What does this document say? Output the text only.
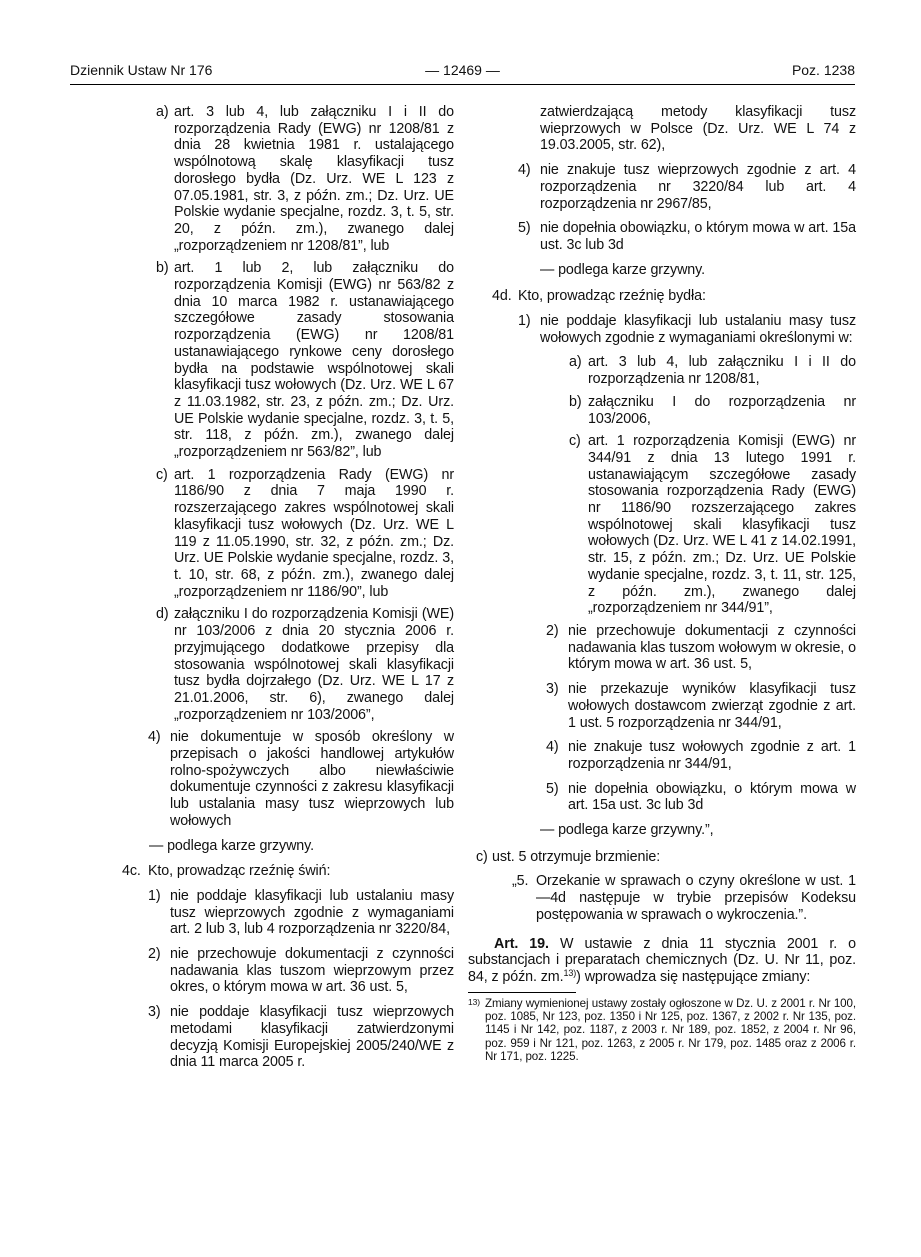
Dziennik Ustaw Nr 176	— 12469 —	Poz. 1238
a) art. 3 lub 4, lub załączniku I i II do rozporządzenia Rady (EWG) nr 1208/81 z dnia 28 kwietnia 1981 r. ustalającego wspólnotową skalę klasyfikacji tusz dorosłego bydła (Dz. Urz. WE L 123 z 07.05.1981, str. 3, z późn. zm.; Dz. Urz. UE Polskie wydanie specjalne, rozdz. 3, t. 5, str. 20, z późn. zm.), zwanego dalej „rozporządzeniem nr 1208/81”, lub
b) art. 1 lub 2, lub załączniku do rozporządzenia Komisji (EWG) nr 563/82 z dnia 10 marca 1982 r. ustanawiającego szczegółowe zasady stosowania rozporządzenia (EWG) nr 1208/81 ustanawiającego rynkowe ceny dorosłego bydła na podstawie wspólnotowej skali klasyfikacji tusz wołowych (Dz. Urz. WE L 67 z 11.03.1982, str. 23, z późn. zm.; Dz. Urz. UE Polskie wydanie specjalne, rozdz. 3, t. 5, str. 118, z późn. zm.), zwanego dalej „rozporządzeniem nr 563/82”, lub
c) art. 1 rozporządzenia Rady (EWG) nr 1186/90 z dnia 7 maja 1990 r. rozszerzającego zakres wspólnotowej skali klasyfikacji tusz wołowych (Dz. Urz. WE L 119 z 11.05.1990, str. 32, z późn. zm.; Dz. Urz. UE Polskie wydanie specjalne, rozdz. 3, t. 10, str. 68, z późn. zm.), zwanego dalej „rozporządzeniem nr 1186/90”, lub
d) załączniku I do rozporządzenia Komisji (WE) nr 103/2006 z dnia 20 stycznia 2006 r. przyjmującego dodatkowe przepisy dla stosowania wspólnotowej skali klasyfikacji tusz bydła dojrzałego (Dz. Urz. WE L 17 z 21.01.2006, str. 6), zwanego dalej „rozporządzeniem nr 103/2006”,
4) nie dokumentuje w sposób określony w przepisach o jakości handlowej artykułów rolno-spożywczych albo niewłaściwie dokumentuje czynności z zakresu klasyfikacji lub ustalania masy tusz wieprzowych lub wołowych
— podlega karze grzywny.
4c. Kto, prowadząc rzeźnię świń:
1) nie poddaje klasyfikacji lub ustalaniu masy tusz wieprzowych zgodnie z wymaganiami art. 2 lub 3, lub 4 rozporządzenia nr 3220/84,
2) nie przechowuje dokumentacji z czynności nadawania klas tuszom wieprzowym przez okres, o którym mowa w art. 36 ust. 5,
3) nie poddaje klasyfikacji tusz wieprzowych metodami klasyfikacji zatwierdzonymi decyzją Komisji Europejskiej 2005/240/WE z dnia 11 marca 2005 r.
zatwierdzającą metody klasyfikacji tusz wieprzowych w Polsce (Dz. Urz. WE L 74 z 19.03.2005, str. 62),
4) nie znakuje tusz wieprzowych zgodnie z art. 4 rozporządzenia nr 3220/84 lub art. 4 rozporządzenia nr 2967/85,
5) nie dopełnia obowiązku, o którym mowa w art. 15a ust. 3c lub 3d
— podlega karze grzywny.
4d. Kto, prowadząc rzeźnię bydła:
1) nie poddaje klasyfikacji lub ustalaniu masy tusz wołowych zgodnie z wymaganiami określonymi w:
a) art. 3 lub 4, lub załączniku I i II do rozporządzenia nr 1208/81,
b) załączniku I do rozporządzenia nr 103/2006,
c) art. 1 rozporządzenia Komisji (EWG) nr 344/91 z dnia 13 lutego 1991 r. ustanawiającym szczegółowe zasady stosowania rozporządzenia Rady (EWG) nr 1186/90 rozszerzającego zakres wspólnotowej skali klasyfikacji tusz wołowych (Dz. Urz. WE L 41 z 14.02.1991, str. 15, z późn. zm.; Dz. Urz. UE Polskie wydanie specjalne, rozdz. 3, t. 11, str. 125, z późn. zm.), zwanego dalej „rozporządzeniem nr 344/91”,
2) nie przechowuje dokumentacji z czynności nadawania klas tuszom wołowym w okresie, o którym mowa w art. 36 ust. 5,
3) nie przekazuje wyników klasyfikacji tusz wołowych dostawcom zwierząt zgodnie z art. 1 ust. 5 rozporządzenia nr 344/91,
4) nie znakuje tusz wołowych zgodnie z art. 1 rozporządzenia nr 344/91,
5) nie dopełnia obowiązku, o którym mowa w art. 15a ust. 3c lub 3d
— podlega karze grzywny.”,
c) ust. 5 otrzymuje brzmienie:
„5. Orzekanie w sprawach o czyny określone w ust. 1—4d następuje w trybie przepisów Kodeksu postępowania w sprawach o wykroczenia.”.
Art. 19. W ustawie z dnia 11 stycznia 2001 r. o substancjach i preparatach chemicznych (Dz. U. Nr 11, poz. 84, z późn. zm.$^{13)}$) wprowadza się następujące zmiany:
13) Zmiany wymienionej ustawy zostały ogłoszone w Dz. U. z 2001 r. Nr 100, poz. 1085, Nr 123, poz. 1350 i Nr 125, poz. 1367, z 2002 r. Nr 135, poz. 1145 i Nr 142, poz. 1187, z 2003 r. Nr 189, poz. 1852, z 2004 r. Nr 96, poz. 959 i Nr 121, poz. 1263, z 2005 r. Nr 179, poz. 1485 oraz z 2006 r. Nr 171, poz. 1225.
